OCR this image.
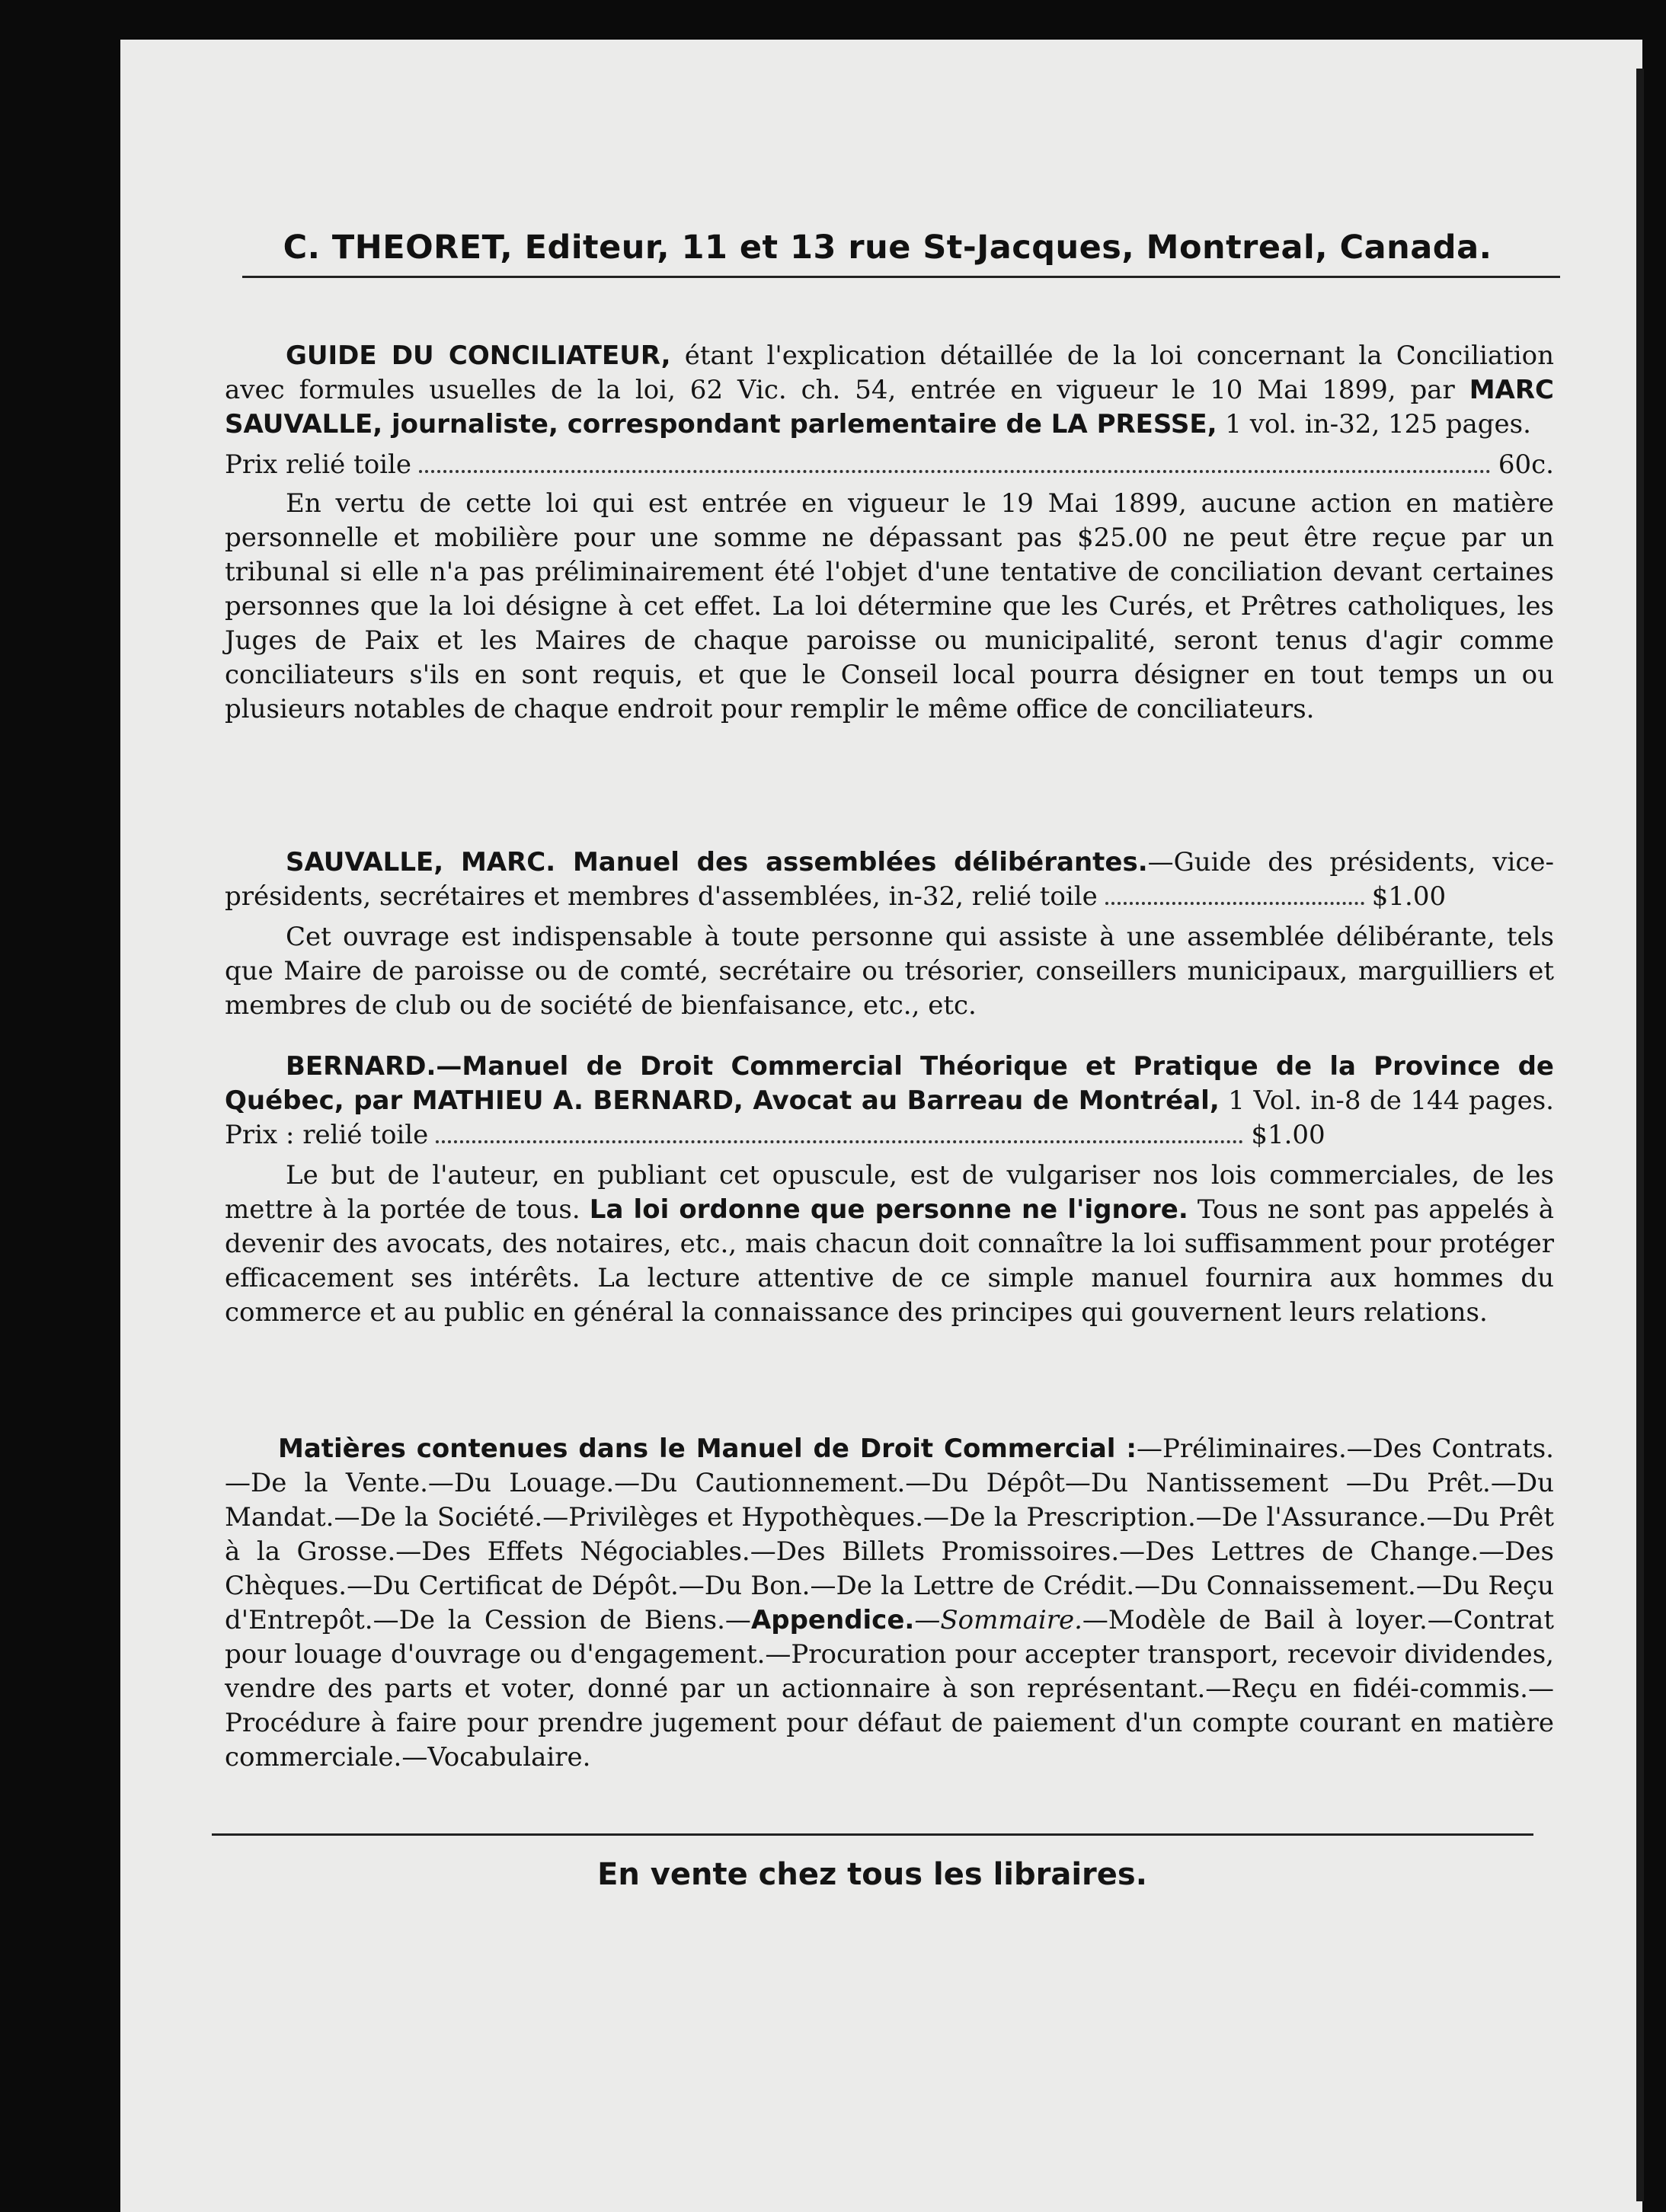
C. THEORET, Editeur, 11 et 13 rue St-Jacques, Montreal, Canada.

GUIDE DU CONCILIATEUR, étant l'explication détaillée de la loi concernant la Conciliation avec formules usuelles de la loi, 62 Vic. ch. 54, entrée en vigueur le 10 Mai 1899, par MARC SAUVALLE, journaliste, correspondant parlementaire de LA PRESSE, 1 vol. in-32, 125 pages.

Prix relié toile	60c.

En vertu de cette loi qui est entrée en vigueur le 19 Mai 1899, aucune action en matière personnelle et mobilière pour une somme ne dépassant pas $25.00 ne peut être reçue par un tribunal si elle n'a pas préliminairement été l'objet d'une tentative de conciliation devant certaines personnes que la loi désigne à cet effet. La loi détermine que les Curés, et Prêtres catholiques, les Juges de Paix et les Maires de chaque paroisse ou municipalité, seront tenus d'agir comme conciliateurs s'ils en sont requis, et que le Conseil local pourra désigner en tout temps un ou plusieurs notables de chaque endroit pour remplir le même office de conciliateurs.

SAUVALLE, MARC. Manuel des assemblées délibérantes.—Guide des présidents, vice-présidents, secrétaires et membres d'assemblées, in-32, relié toile	$1.00

Cet ouvrage est indispensable à toute personne qui assiste à une assemblée délibérante, tels que Maire de paroisse ou de comté, secrétaire ou trésorier, conseillers municipaux, marguilliers et membres de club ou de société de bienfaisance, etc., etc.

BERNARD.—Manuel de Droit Commercial Théorique et Pratique de la Province de Québec, par MATHIEU A. BERNARD, Avocat au Barreau de Montréal, 1 Vol. in-8 de 144 pages. Prix : relié toile	$1.00

Le but de l'auteur, en publiant cet opuscule, est de vulgariser nos lois commerciales, de les mettre à la portée de tous. La loi ordonne que personne ne l'ignore. Tous ne sont pas appelés à devenir des avocats, des notaires, etc., mais chacun doit connaître la loi suffisamment pour protéger efficacement ses intérêts. La lecture attentive de ce simple manuel fournira aux hommes du commerce et au public en général la connaissance des principes qui gouvernent leurs relations.

Matières contenues dans le Manuel de Droit Commercial :—Préliminaires.—Des Contrats.—De la Vente.—Du Louage.—Du Cautionnement.—Du Dépôt—Du Nantissement —Du Prêt.—Du Mandat.—De la Société.—Privilèges et Hypothèques.—De la Prescription.—De l'Assurance.—Du Prêt à la Grosse.—Des Effets Négociables.—Des Billets Promissoires.—Des Lettres de Change.—Des Chèques.—Du Certificat de Dépôt.—Du Bon.—De la Lettre de Crédit.—Du Connaissement.—Du Reçu d'Entrepôt.—De la Cession de Biens.—Appendice.—Sommaire.—Modèle de Bail à loyer.—Contrat pour louage d'ouvrage ou d'engagement.—Procuration pour accepter transport, recevoir dividendes, vendre des parts et voter, donné par un actionnaire à son représentant.—Reçu en fidéi-commis.—Procédure à faire pour prendre jugement pour défaut de paiement d'un compte courant en matière commerciale.—Vocabulaire.

En vente chez tous les libraires.
